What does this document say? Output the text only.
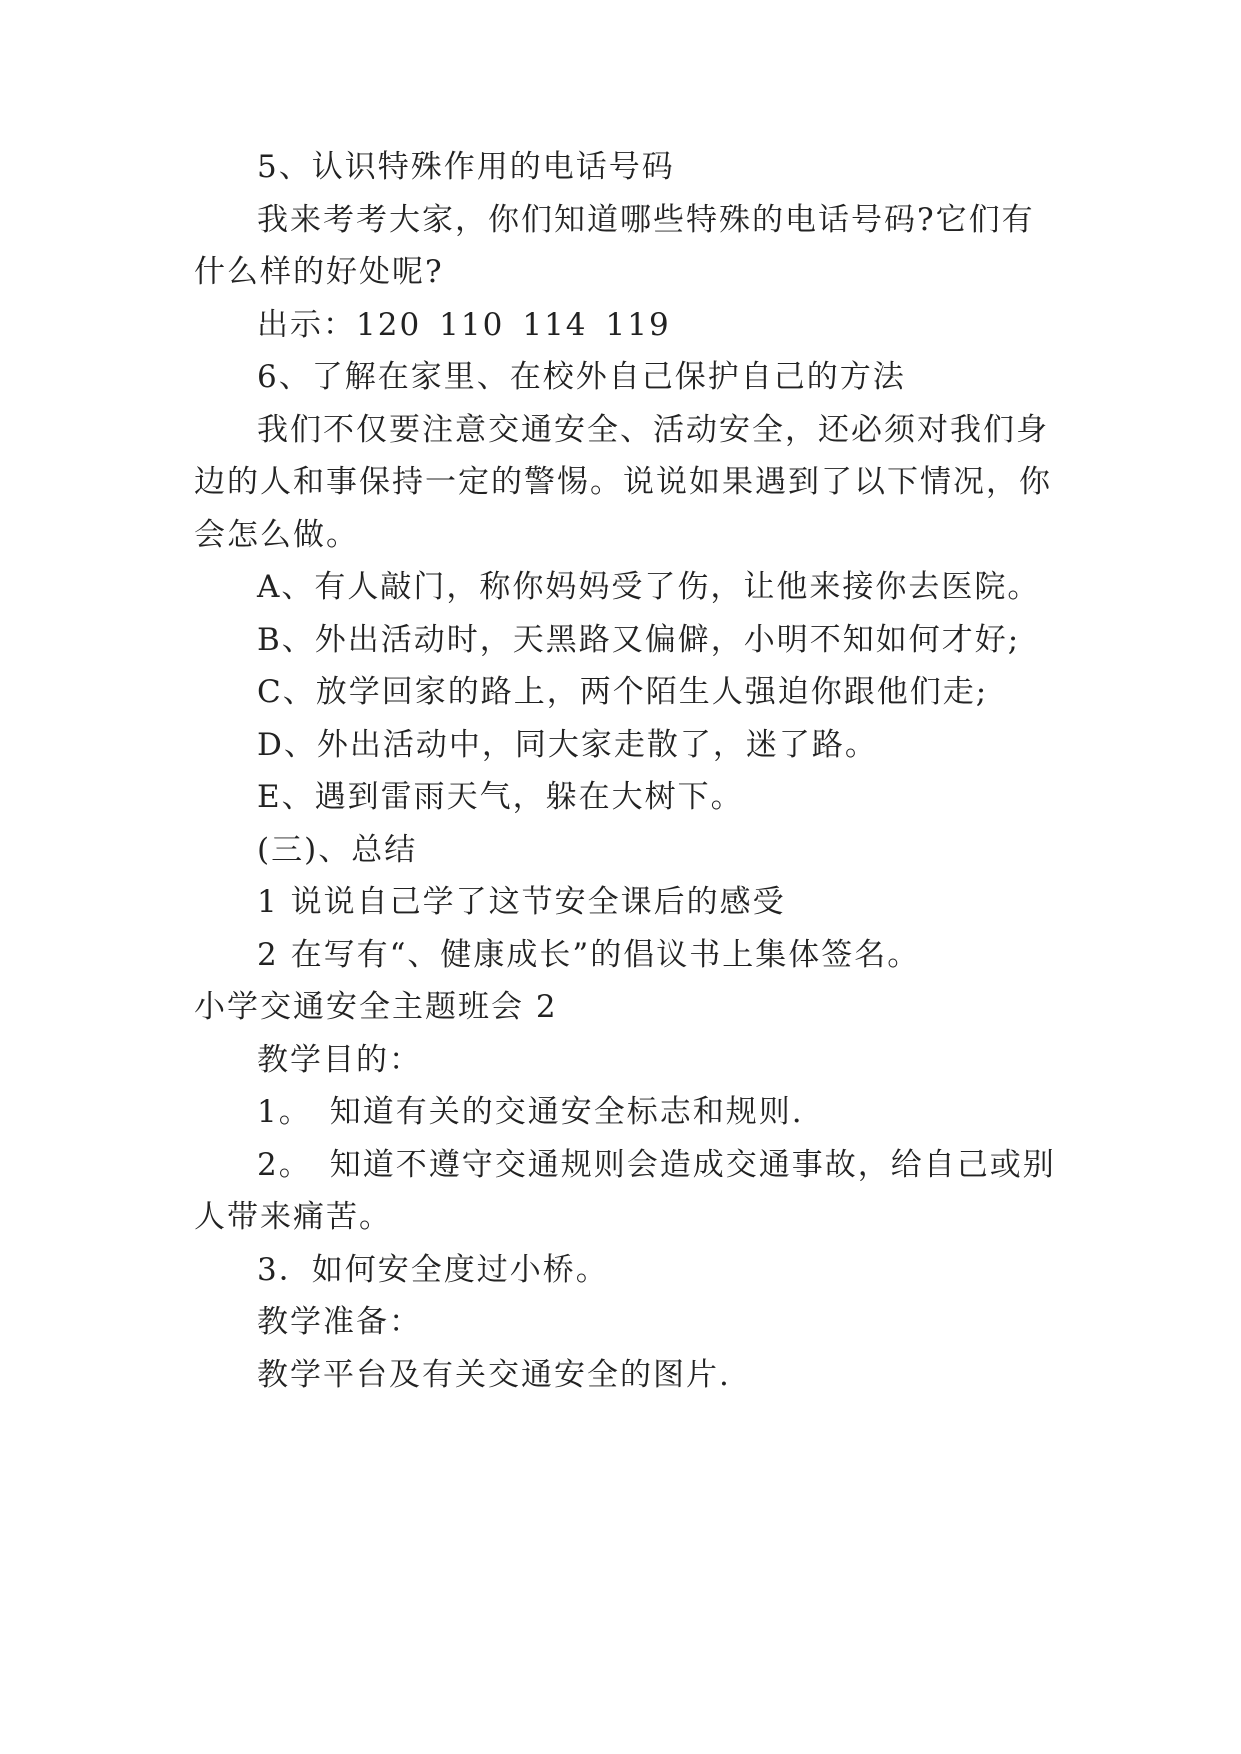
5、认识特殊作用的电话号码
我来考考大家，你们知道哪些特殊的电话号码?它们有
什么样的好处呢?
出示：120 110 114 119
6、了解在家里、在校外自己保护自己的方法
我们不仅要注意交通安全、活动安全，还必须对我们身
边的人和事保持一定的警惕。说说如果遇到了以下情况，你
会怎么做。
A、有人敲门，称你妈妈受了伤，让他来接你去医院。
B、外出活动时，天黑路又偏僻，小明不知如何才好;
C、放学回家的路上，两个陌生人强迫你跟他们走;
D、外出活动中，同大家走散了，迷了路。
E、遇到雷雨天气，躲在大树下。
(三)、总结
1 说说自己学了这节安全课后的感受
2 在写有“、健康成长”的倡议书上集体签名。
小学交通安全主题班会 2
教学目的：
1。 知道有关的交通安全标志和规则.
2。 知道不遵守交通规则会造成交通事故，给自己或别
人带来痛苦。
3．如何安全度过小桥。
教学准备：
教学平台及有关交通安全的图片.
